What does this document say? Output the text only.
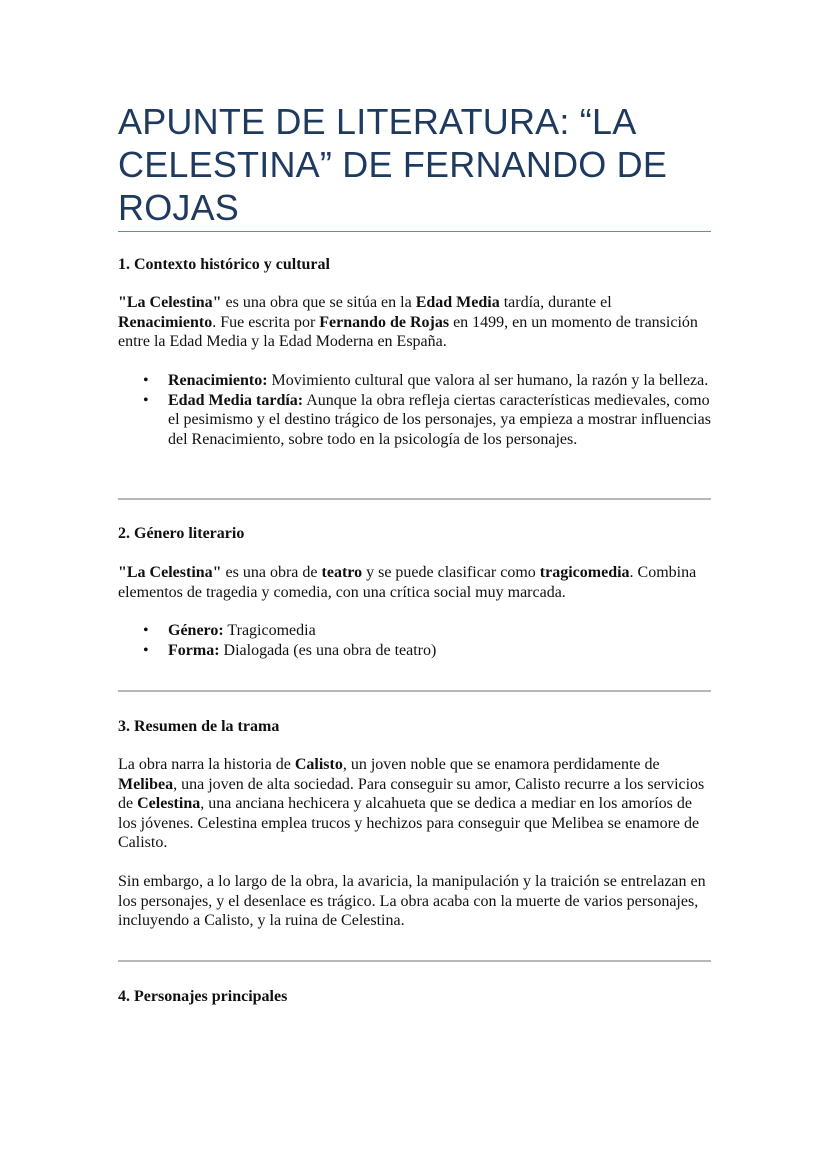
APUNTE DE LITERATURA: “LA CELESTINA” DE FERNANDO DE ROJAS
1. Contexto histórico y cultural

"La Celestina" es una obra que se sitúa en la Edad Media tardía, durante el Renacimiento. Fue escrita por Fernando de Rojas en 1499, en un momento de transición entre la Edad Media y la Edad Moderna en España.

• Renacimiento: Movimiento cultural que valora al ser humano, la razón y la belleza.
• Edad Media tardía: Aunque la obra refleja ciertas características medievales, como el pesimismo y el destino trágico de los personajes, ya empieza a mostrar influencias del Renacimiento, sobre todo en la psicología de los personajes.
2. Género literario

"La Celestina" es una obra de teatro y se puede clasificar como tragicomedia. Combina elementos de tragedia y comedia, con una crítica social muy marcada.

• Género: Tragicomedia
• Forma: Dialogada (es una obra de teatro)
3. Resumen de la trama

La obra narra la historia de Calisto, un joven noble que se enamora perdidamente de Melibea, una joven de alta sociedad. Para conseguir su amor, Calisto recurre a los servicios de Celestina, una anciana hechicera y alcahueta que se dedica a mediar en los amoríos de los jóvenes. Celestina emplea trucos y hechizos para conseguir que Melibea se enamore de Calisto.

Sin embargo, a lo largo de la obra, la avaricia, la manipulación y la traición se entrelazan en los personajes, y el desenlace es trágico. La obra acaba con la muerte de varios personajes, incluyendo a Calisto, y la ruina de Celestina.

4. Personajes principales
